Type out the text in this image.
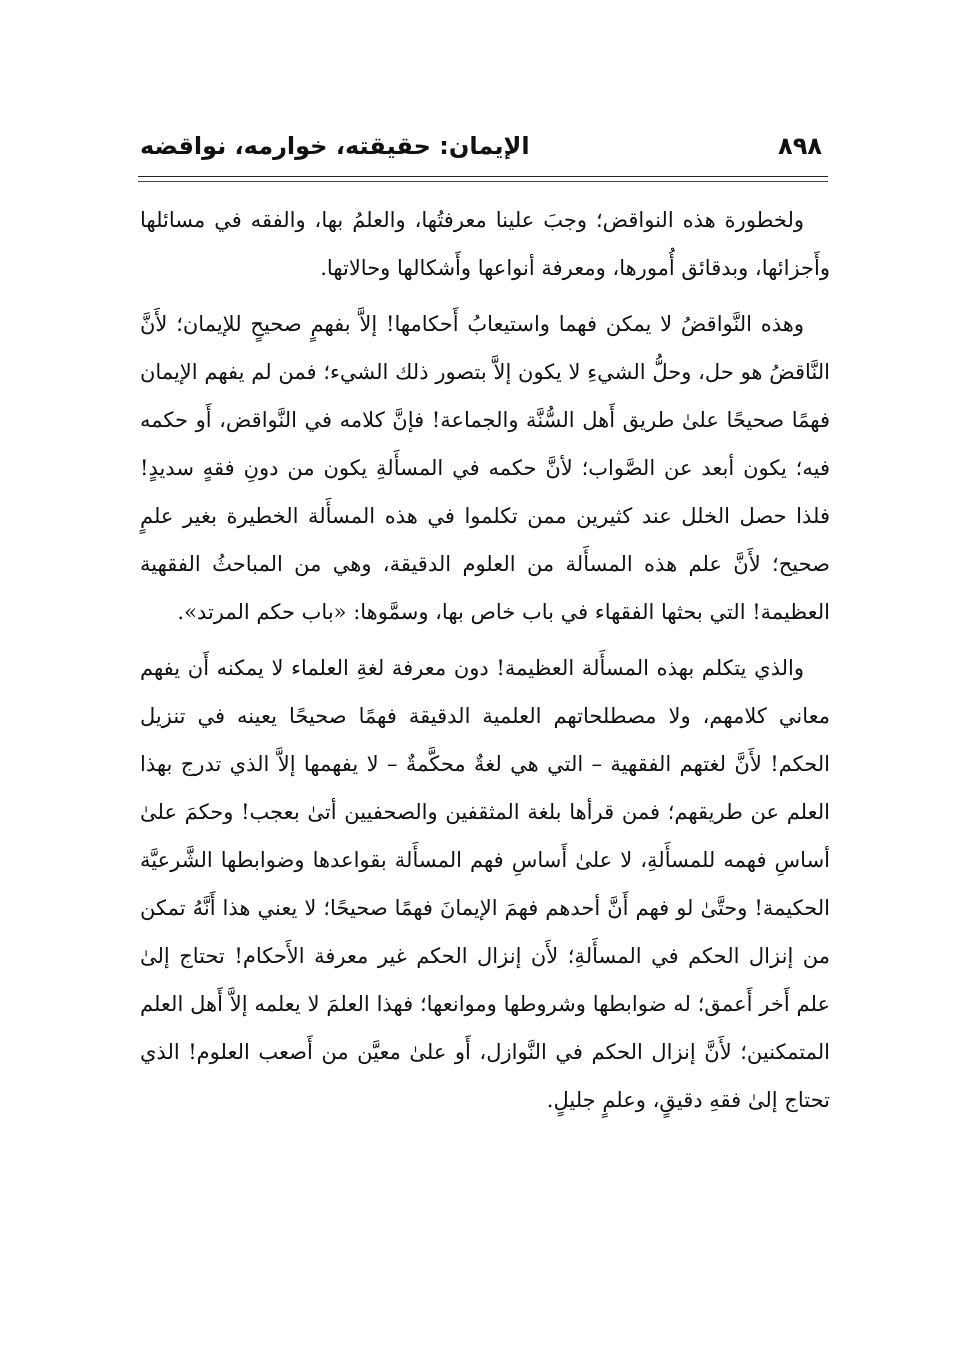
الإيمان: حقيقته، خوارمه، نواقضه	٨٩٨

ولخطورة هذه النواقض؛ وجبَ علينا معرفتُها، والعلمُ بها، والفقه في مسائلها وأَجزائها، وبدقائق أُمورها، ومعرفة أنواعها وأَشكالها وحالاتها.

وهذه النَّواقضُ لا يمكن فهما واستيعابُ أَحكامها! إلاَّ بفهمٍ صحيحٍ للإيمان؛ لأَنَّ النَّاقضُ هو حل، وحلُّ الشيءِ لا يكون إلاَّ بتصور ذلك الشيء؛ فمن لم يفهم الإيمان فهمًا صحيحًا علىٰ طريق أَهل السُّنَّة والجماعة! فإنَّ كلامه في النَّواقض، أَو حكمه فيه؛ يكون أبعد عن الصَّواب؛ لأنَّ حكمه في المسأَلةِ يكون من دونِ فقهٍ سديدٍ! فلذا حصل الخلل عند كثيرين ممن تكلموا في هذه المسأَلة الخطيرة بغير علمٍ صحيح؛ لأَنَّ علم هذه المسأَلة من العلوم الدقيقة، وهي من المباحثُ الفقهية العظيمة! التي بحثها الفقهاء في باب خاص بها، وسمَّوها: «باب حكم المرتد».

والذي يتكلم بهذه المسأَلة العظيمة! دون معرفة لغةِ العلماء لا يمكنه أَن يفهم معاني كلامهم، ولا مصطلحاتهم العلمية الدقيقة فهمًا صحيحًا يعينه في تنزيل الحكم! لأَنَّ لغتهم الفقهية – التي هي لغةٌ محكَّمةٌ – لا يفهمها إلاَّ الذي تدرج بهذا العلم عن طريقهم؛ فمن قرأها بلغة المثقفين والصحفيين أتىٰ بعجب! وحكمَ علىٰ أساسِ فهمه للمسأَلةِ، لا علىٰ أَساسِ فهم المسأَلة بقواعدها وضوابطها الشَّرعيَّة الحكيمة! وحتَّىٰ لو فهم أَنَّ أحدهم فهمَ الإيمانَ فهمًا صحيحًا؛ لا يعني هذا أَنَّهُ تمكن من إنزال الحكم في المسأَلةِ؛ لأَن إنزال الحكم غير معرفة الأَحكام! تحتاج إلىٰ علم أَخر أَعمق؛ له ضوابطها وشروطها وموانعها؛ فهذا العلمَ لا يعلمه إلاَّ أَهل العلم المتمكنين؛ لأَنَّ إنزال الحكم في النَّوازل، أَو علىٰ معيَّن من أَصعب العلوم! الذي تحتاج إلىٰ فقهِ دقيقٍ، وعلمٍ جليلٍ.
